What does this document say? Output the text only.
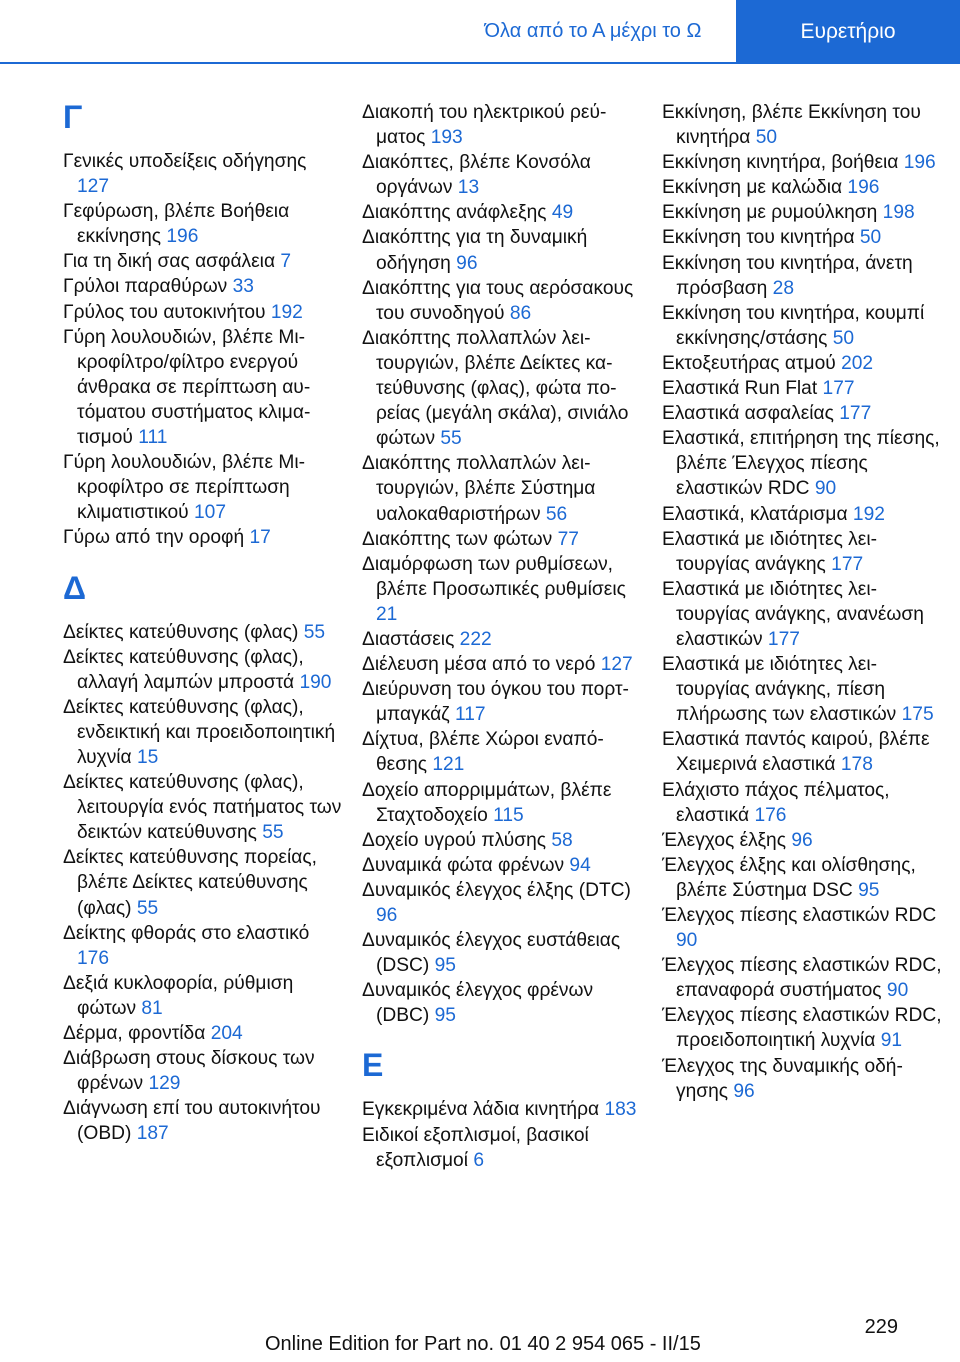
Όλα από το Α μέχρι το Ω	Ευρετήριο
Γ
Γενικές υποδείξεις οδήγησης 127
Γεφύρωση, βλέπε Βοήθεια εκκίνησης 196
Για τη δική σας ασφάλεια 7
Γρύλοι παραθύρων 33
Γρύλος του αυτοκινήτου 192
Γύρη λουλουδιών, βλέπε Μικροφίλτρο/φίλτρο ενεργού άνθρακα σε περίπτωση αυτόματου συστήματος κλιματισμού 111
Γύρη λουλουδιών, βλέπε Μικροφίλτρο σε περίπτωση κλιματιστικού 107
Γύρω από την οροφή 17
Δ
Δείκτες κατεύθυνσης (φλας) 55
Δείκτες κατεύθυνσης (φλας), αλλαγή λαμπών μπροστά 190
Δείκτες κατεύθυνσης (φλας), ενδεικτική και προειδοποιητική λυχνία 15
Δείκτες κατεύθυνσης (φλας), λειτουργία ενός πατήματος των δεικτών κατεύθυνσης 55
Δείκτες κατεύθυνσης πορείας, βλέπε Δείκτες κατεύθυνσης (φλας) 55
Δείκτης φθοράς στο ελαστικό 176
Δεξιά κυκλοφορία, ρύθμιση φώτων 81
Δέρμα, φροντίδα 204
Διάβρωση στους δίσκους των φρένων 129
Διάγνωση επί του αυτοκινήτου (OBD) 187
Διακοπή του ηλεκτρικού ρεύματος 193
Διακόπτες, βλέπε Κονσόλα οργάνων 13
Διακόπτης ανάφλεξης 49
Διακόπτης για τη δυναμική οδήγηση 96
Διακόπτης για τους αερόσακους του συνοδηγού 86
Διακόπτης πολλαπλών λειτουργιών, βλέπε Δείκτες κατεύθυνσης (φλας), φώτα πορείας (μεγάλη σκάλα), σινιάλο φώτων 55
Διακόπτης πολλαπλών λειτουργιών, βλέπε Σύστημα υαλοκαθαριστήρων 56
Διακόπτης των φώτων 77
Διαμόρφωση των ρυθμίσεων, βλέπε Προσωπικές ρυθμίσεις 21
Διαστάσεις 222
Διέλευση μέσα από το νερό 127
Διεύρυνση του όγκου του πορτ-μπαγκάζ 117
Δίχτυα, βλέπε Χώροι εναπόθεσης 121
Δοχείο απορριμμάτων, βλέπε Σταχτοδοχείο 115
Δοχείο υγρού πλύσης 58
Δυναμικά φώτα φρένων 94
Δυναμικός έλεγχος έλξης (DTC) 96
Δυναμικός έλεγχος ευστάθειας (DSC) 95
Δυναμικός έλεγχος φρένων (DBC) 95
Ε
Εγκεκριμένα λάδια κινητήρα 183
Ειδικοί εξοπλισμοί, βασικοί εξοπλισμοί 6
Εκκίνηση, βλέπε Εκκίνηση του κινητήρα 50
Εκκίνηση κινητήρα, βοήθεια 196
Εκκίνηση με καλώδια 196
Εκκίνηση με ρυμούλκηση 198
Εκκίνηση του κινητήρα 50
Εκκίνηση του κινητήρα, άνετη πρόσβαση 28
Εκκίνηση του κινητήρα, κουμπί εκκίνησης/στάσης 50
Εκτοξευτήρας ατμού 202
Ελαστικά Run Flat 177
Ελαστικά ασφαλείας 177
Ελαστικά, επιτήρηση της πίεσης, βλέπε Έλεγχος πίεσης ελαστικών RDC 90
Ελαστικά, κλατάρισμα 192
Ελαστικά με ιδιότητες λειτουργίας ανάγκης 177
Ελαστικά με ιδιότητες λειτουργίας ανάγκης, ανανέωση ελαστικών 177
Ελαστικά με ιδιότητες λειτουργίας ανάγκης, πίεση πλήρωσης των ελαστικών 175
Ελαστικά παντός καιρού, βλέπε Χειμερινά ελαστικά 178
Ελάχιστο πάχος πέλματος, ελαστικά 176
Έλεγχος έλξης 96
Έλεγχος έλξης και ολίσθησης, βλέπε Σύστημα DSC 95
Έλεγχος πίεσης ελαστικών RDC 90
Έλεγχος πίεσης ελαστικών RDC, επαναφορά συστήματος 90
Έλεγχος πίεσης ελαστικών RDC, προειδοποιητική λυχνία 91
Έλεγχος της δυναμικής οδήγησης 96
229
Online Edition for Part no. 01 40 2 954 065 - II/15
